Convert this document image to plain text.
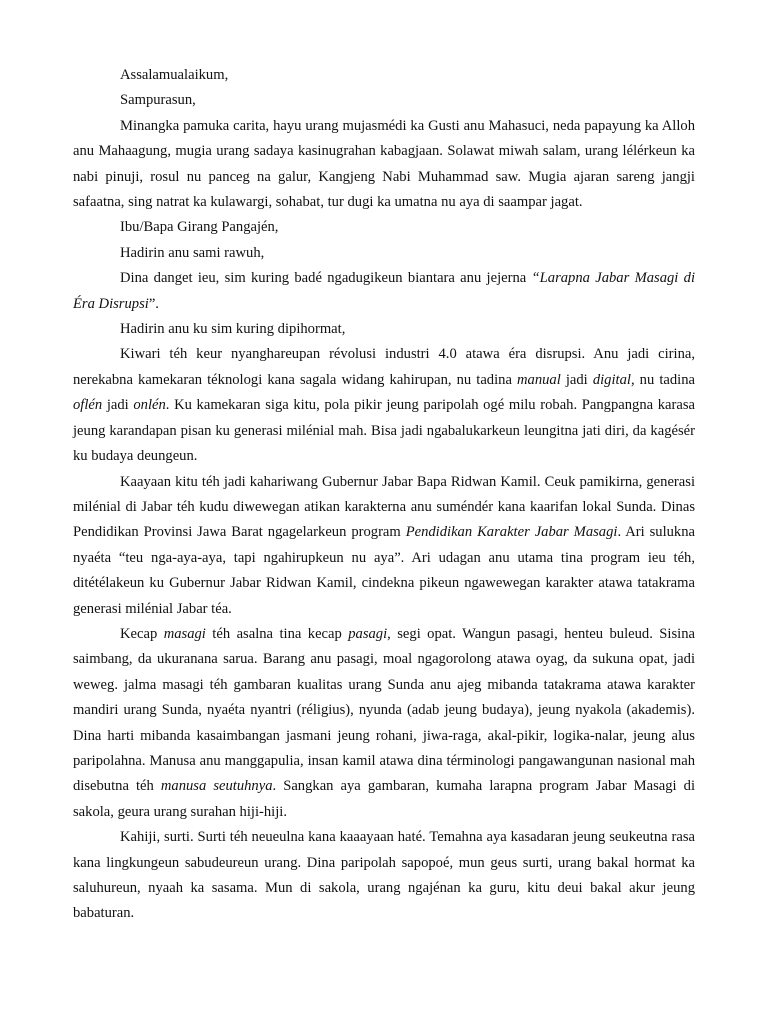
Assalamualaikum,

Sampurasun,

Minangka pamuka carita, hayu urang mujasmédi ka Gusti anu Mahasuci, neda papayung ka Alloh anu Mahaagung, mugia urang sadaya kasinugrahan kabagjaan. Solawat miwah salam, urang lélérkeun ka nabi pinuji, rosul nu panceg na galur, Kangjeng Nabi Muhammad saw. Mugia ajaran sareng jangji safaatna, sing natrat ka kulawargi, sohabat, tur dugi ka umatna nu aya di saampar jagat.

Ibu/Bapa Girang Pangajén,

Hadirin anu sami rawuh,

Dina danget ieu, sim kuring badé ngadugikeun biantara anu jejerna “Larapna Jabar Masagi di Éra Disrupsi”.

Hadirin anu ku sim kuring dipihormat,

Kiwari téh keur nyanghareupan révolusi industri 4.0 atawa éra disrupsi. Anu jadi cirina, nerekabna kamekaran téknologi kana sagala widang kahirupan, nu tadina manual jadi digital, nu tadina oflén jadi onlén. Ku kamekaran siga kitu, pola pikir jeung paripolah ogé milu robah. Pangpangna karasa jeung karandapan pisan ku generasi milénial mah. Bisa jadi ngabalukarkeun leungitna jati diri, da kagésér ku budaya deungeun.

Kaayaan kitu téh jadi kahariwang Gubernur Jabar Bapa Ridwan Kamil. Ceuk pamikirna, generasi milénial di Jabar téh kudu diwewegan atikan karakterna anu suméndér kana kaarifan lokal Sunda. Dinas Pendidikan Provinsi Jawa Barat ngagelarkeun program Pendidikan Karakter Jabar Masagi. Ari sulukna nyaéta “teu nga-aya-aya, tapi ngahirupkeun nu aya”. Ari udagan anu utama tina program ieu téh, ditétélakeun ku Gubernur Jabar Ridwan Kamil, cindekna pikeun ngawewegan karakter atawa tatakrama generasi milénial Jabar téa.

Kecap masagi téh asalna tina kecap pasagi, segi opat. Wangun pasagi, henteu buleud. Sisina saimbang, da ukuranana sarua. Barang anu pasagi, moal ngagorolong atawa oyag, da sukuna opat, jadi weweg. jalma masagi téh gambaran kualitas urang Sunda anu ajeg mibanda tatakrama atawa karakter mandiri urang Sunda, nyaéta nyantri (réligius), nyunda (adab jeung budaya), jeung nyakola (akademis). Dina harti mibanda kasaimbangan jasmani jeung rohani, jiwa-raga, akal-pikir, logika-nalar, jeung alus paripolahna. Manusa anu manggapulia, insan kamil atawa dina términologi pangawangunan nasional mah disebutna téh manusa seutuhnya. Sangkan aya gambaran, kumaha larapna program Jabar Masagi di sakola, geura urang surahan hiji-hiji.

Kahiji, surti. Surti téh neueulna kana kaaayaan haté. Temahna aya kasadaran jeung seukeutna rasa kana lingkungeun sabudeureun urang. Dina paripolah sapopoé, mun geus surti, urang bakal hormat ka saluhureun, nyaah ka sasama. Mun di sakola, urang ngajénan ka guru, kitu deui bakal akur jeung babaturan.
